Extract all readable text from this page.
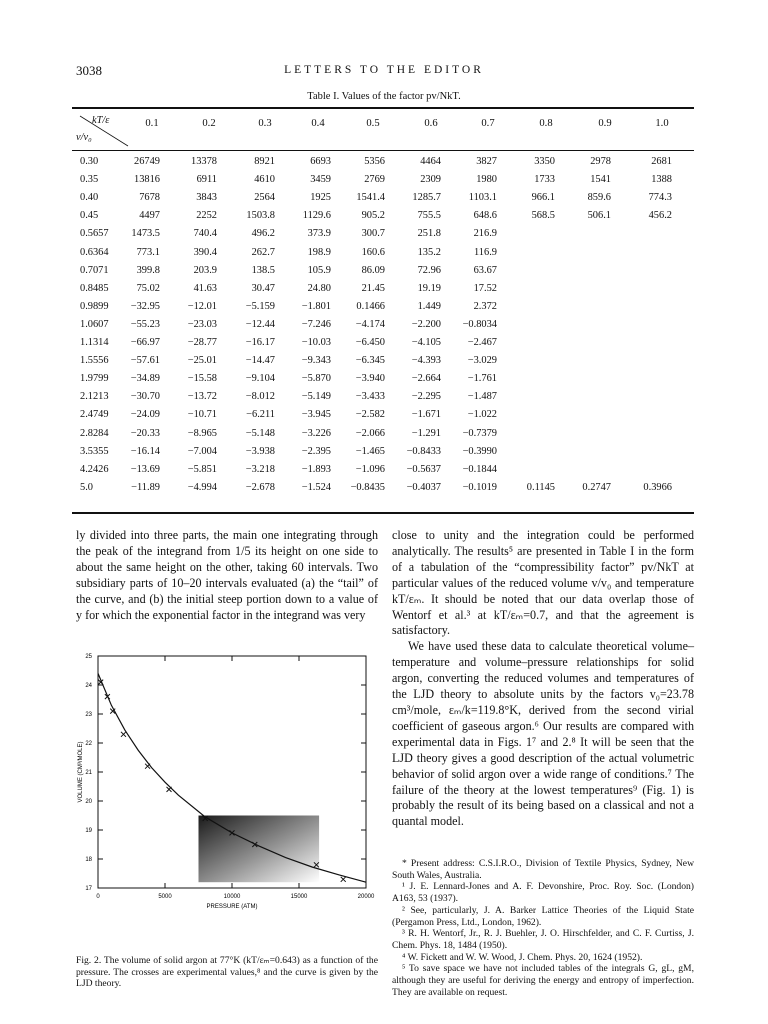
3038	LETTERS TO THE EDITOR
Table I. Values of the factor pv/NkT.
kT/ε
v/v₀
0.1	0.2	0.3	0.4	0.5	0.6	0.7	0.8	0.9	1.0
0.30	26749	13378	8921	6693	5356	4464	3827	3350	2978	2681
0.35	13816	6911	4610	3459	2769	2309	1980	1733	1541	1388
0.40	7678	3843	2564	1925 1541.4	1285.7	1103.1	966.1	859.6	774.3
0.45	4497	2252	1503.8	1129.6	905.2	755.5	648.6	568.5	506.1	456.2
0.5657 1473.5	740.4	496.2	373.9	300.7	251.8	216.9
0.6364	773.1	390.4	262.7	198.9	160.6	135.2	116.9
0.7071	399.8	203.9	138.5	105.9	86.09	72.96	63.67
0.8485	75.02	41.63	30.47	24.80	21.45	19.19	17.52
0.9899 −32.95	−12.01	−5.159	−1.801 0.1466	1.449	2.372
1.0607 −55.23	−23.03	−12.44	−7.246 −4.174	−2.200 −0.8034
1.1314 −66.97	−28.77	−16.17	−10.03 −6.450	−4.105	−2.467
1.5556 −57.61	−25.01	−14.47	−9.343 −6.345	−4.393	−3.029
1.9799 −34.89	−15.58	−9.104	−5.870 −3.940	−2.664	−1.761
2.1213 −30.70	−13.72	−8.012	−5.149 −3.433	−2.295	−1.487
2.4749 −24.09	−10.71	−6.211	−3.945 −2.582	−1.671	−1.022
2.8284 −20.33	−8.965	−5.148	−3.226 −2.066	−1.291 −0.7379
3.5355 −16.14	−7.004	−3.938	−2.395 −1.465 −0.8433 −0.3990
4.2426 −13.69	−5.851	−3.218	−1.893 −1.096 −0.5637 −0.1844
5.0	−11.89	−4.994	−2.678	−1.524 −0.8435 −0.4037 −0.1019	0.1145	0.2747	0.3966

ly divided into three parts, the main one integrating through the peak of the integrand from 1/5 its height on one side to about the same height on the other, taking 60 intervals. Two subsidiary parts of 10–20 intervals evaluated (a) the “tail” of the curve, and (b) the initial steep portion down to a value of y for which the exponential factor in the integrand was very

0	5000	10000	15000	20000
17
18
19
20
21
22
23
24
25
PRESSURE (ATM)
VOLUME (CM³/MOLE)
Fig. 2. The volume of solid argon at 77°K (kT/εₘ=0.643) as a function of the pressure. The crosses are experimental values,⁸ and the curve is given by the LJD theory.

close to unity and the integration could be performed analytically. The results⁵ are presented in Table I in the form of a tabulation of the “compressibility factor” pv/NkT at particular values of the reduced volume v/v₀ and temperature kT/εₘ. It should be noted that our data overlap those of Wentorf et al.³ at kT/εₘ=0.7, and that the agreement is satisfactory.

We have used these data to calculate theoretical volume–temperature and volume–pressure relationships for solid argon, converting the reduced volumes and temperatures of the LJD theory to absolute units by the factors v₀=23.78 cm³/mole, εₘ/k=119.8°K, derived from the second virial coefficient of gaseous argon.⁶ Our results are compared with experimental data in Figs. 1⁷ and 2.⁸ It will be seen that the LJD theory gives a good description of the actual volumetric behavior of solid argon over a wide range of conditions.⁷ The failure of the theory at the lowest temperatures⁹ (Fig. 1) is probably the result of its being based on a classical and not a quantal model.

* Present address: C.S.I.R.O., Division of Textile Physics, Sydney, New South Wales, Australia.

¹ J. E. Lennard-Jones and A. F. Devonshire, Proc. Roy. Soc. (London) A163, 53 (1937).

² See, particularly, J. A. Barker Lattice Theories of the Liquid State (Pergamon Press, Ltd., London, 1962).

³ R. H. Wentorf, Jr., R. J. Buehler, J. O. Hirschfelder, and C. F. Curtiss, J. Chem. Phys. 18, 1484 (1950).

⁴ W. Fickett and W. W. Wood, J. Chem. Phys. 20, 1624 (1952).

⁵ To save space we have not included tables of the integrals G, gL, gM, although they are useful for deriving the energy and entropy of imperfection. They are available on request.
